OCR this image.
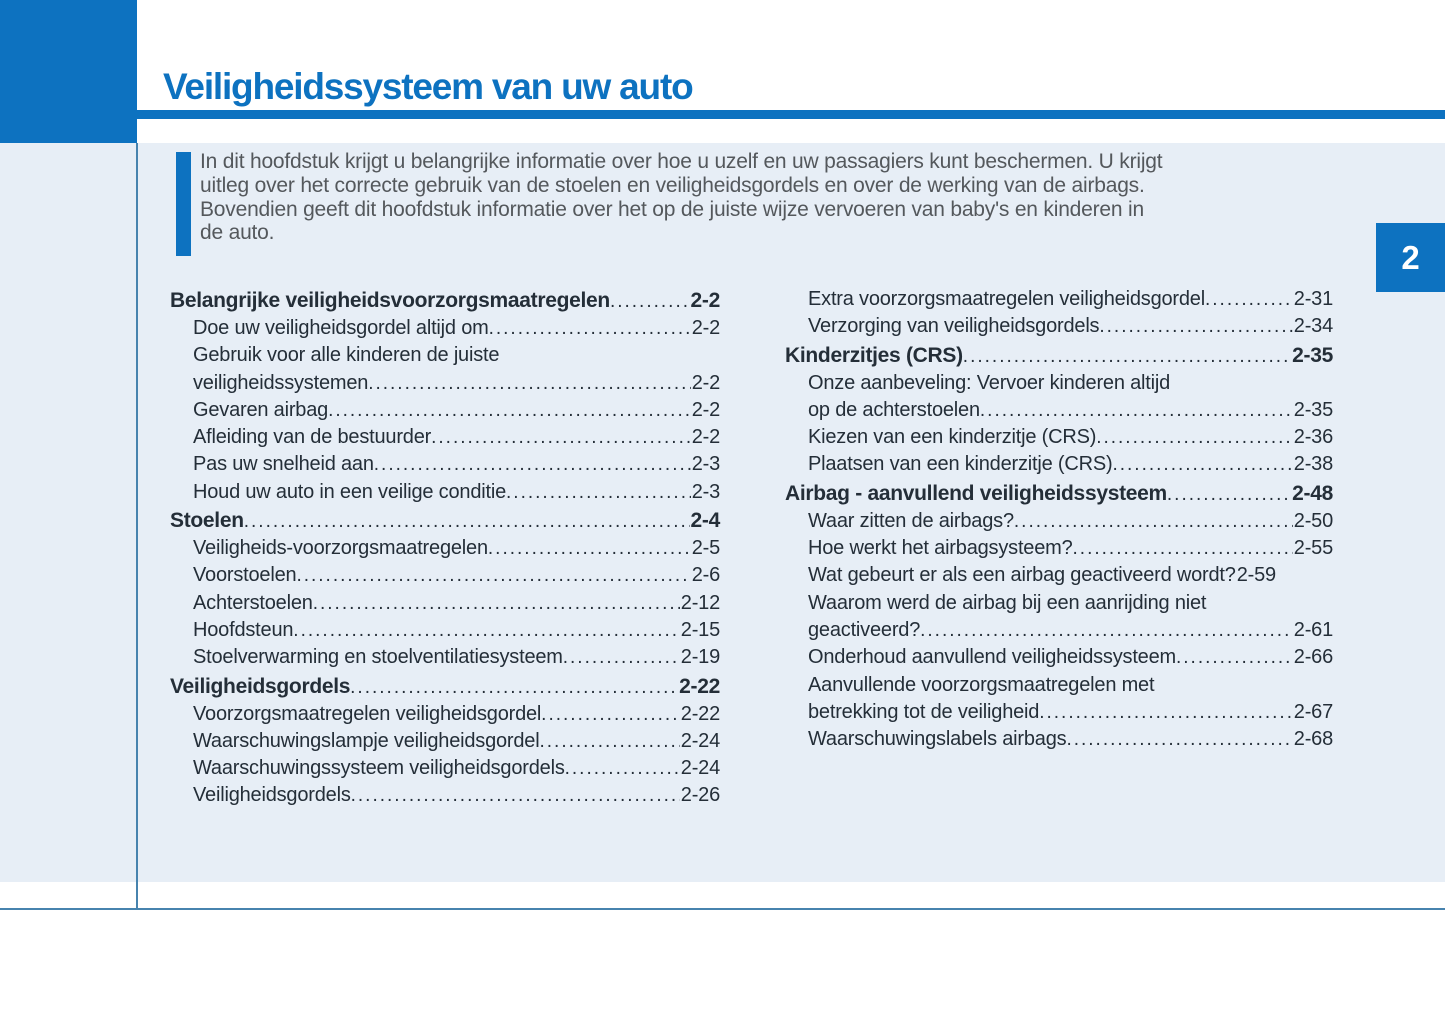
Veiligheidssysteem van uw auto
2
In dit hoofdstuk krijgt u belangrijke informatie over hoe u uzelf en uw passagiers kunt beschermen. U krijgt
uitleg over het correcte gebruik van de stoelen en veiligheidsgordels en over de werking van de airbags.
Bovendien geeft dit hoofdstuk informatie over het op de juiste wijze vervoeren van baby's en kinderen in
de auto.
Belangrijke veiligheidsvoorzorgsmaatregelen .....	2-2
Doe uw veiligheidsgordel altijd om .....	2-2
Gebruik voor alle kinderen de juiste
veiligheidssystemen .....	2-2
Gevaren airbag .....	2-2
Afleiding van de bestuurder .....	2-2
Pas uw snelheid aan .....	2-3
Houd uw auto in een veilige conditie .....	2-3
Stoelen .....	2-4
Veiligheids-voorzorgsmaatregelen .....	2-5
Voorstoelen .....	2-6
Achterstoelen .....	2-12
Hoofdsteun .....	2-15
Stoelverwarming en stoelventilatiesysteem .....	2-19
Veiligheidsgordels .....	2-22
Voorzorgsmaatregelen veiligheidsgordel .....	2-22
Waarschuwingslampje veiligheidsgordel .....	2-24
Waarschuwingssysteem veiligheidsgordels .....	2-24
Veiligheidsgordels .....	2-26
Extra voorzorgsmaatregelen veiligheidsgordel .....	2-31
Verzorging van veiligheidsgordels .....	2-34
Kinderzitjes (CRS) .....	2-35
Onze aanbeveling: Vervoer kinderen altijd
op de achterstoelen .....	2-35
Kiezen van een kinderzitje (CRS) .....	2-36
Plaatsen van een kinderzitje (CRS) .....	2-38
Airbag - aanvullend veiligheidssysteem .....	2-48
Waar zitten de airbags? .....	2-50
Hoe werkt het airbagsysteem? .....	2-55
Wat gebeurt er als een airbag geactiveerd wordt? 2-59
Waarom werd de airbag bij een aanrijding niet
geactiveerd? .....	2-61
Onderhoud aanvullend veiligheidssysteem .....	2-66
Aanvullende voorzorgsmaatregelen met
betrekking tot de veiligheid .....	2-67
Waarschuwingslabels airbags .....	2-68
